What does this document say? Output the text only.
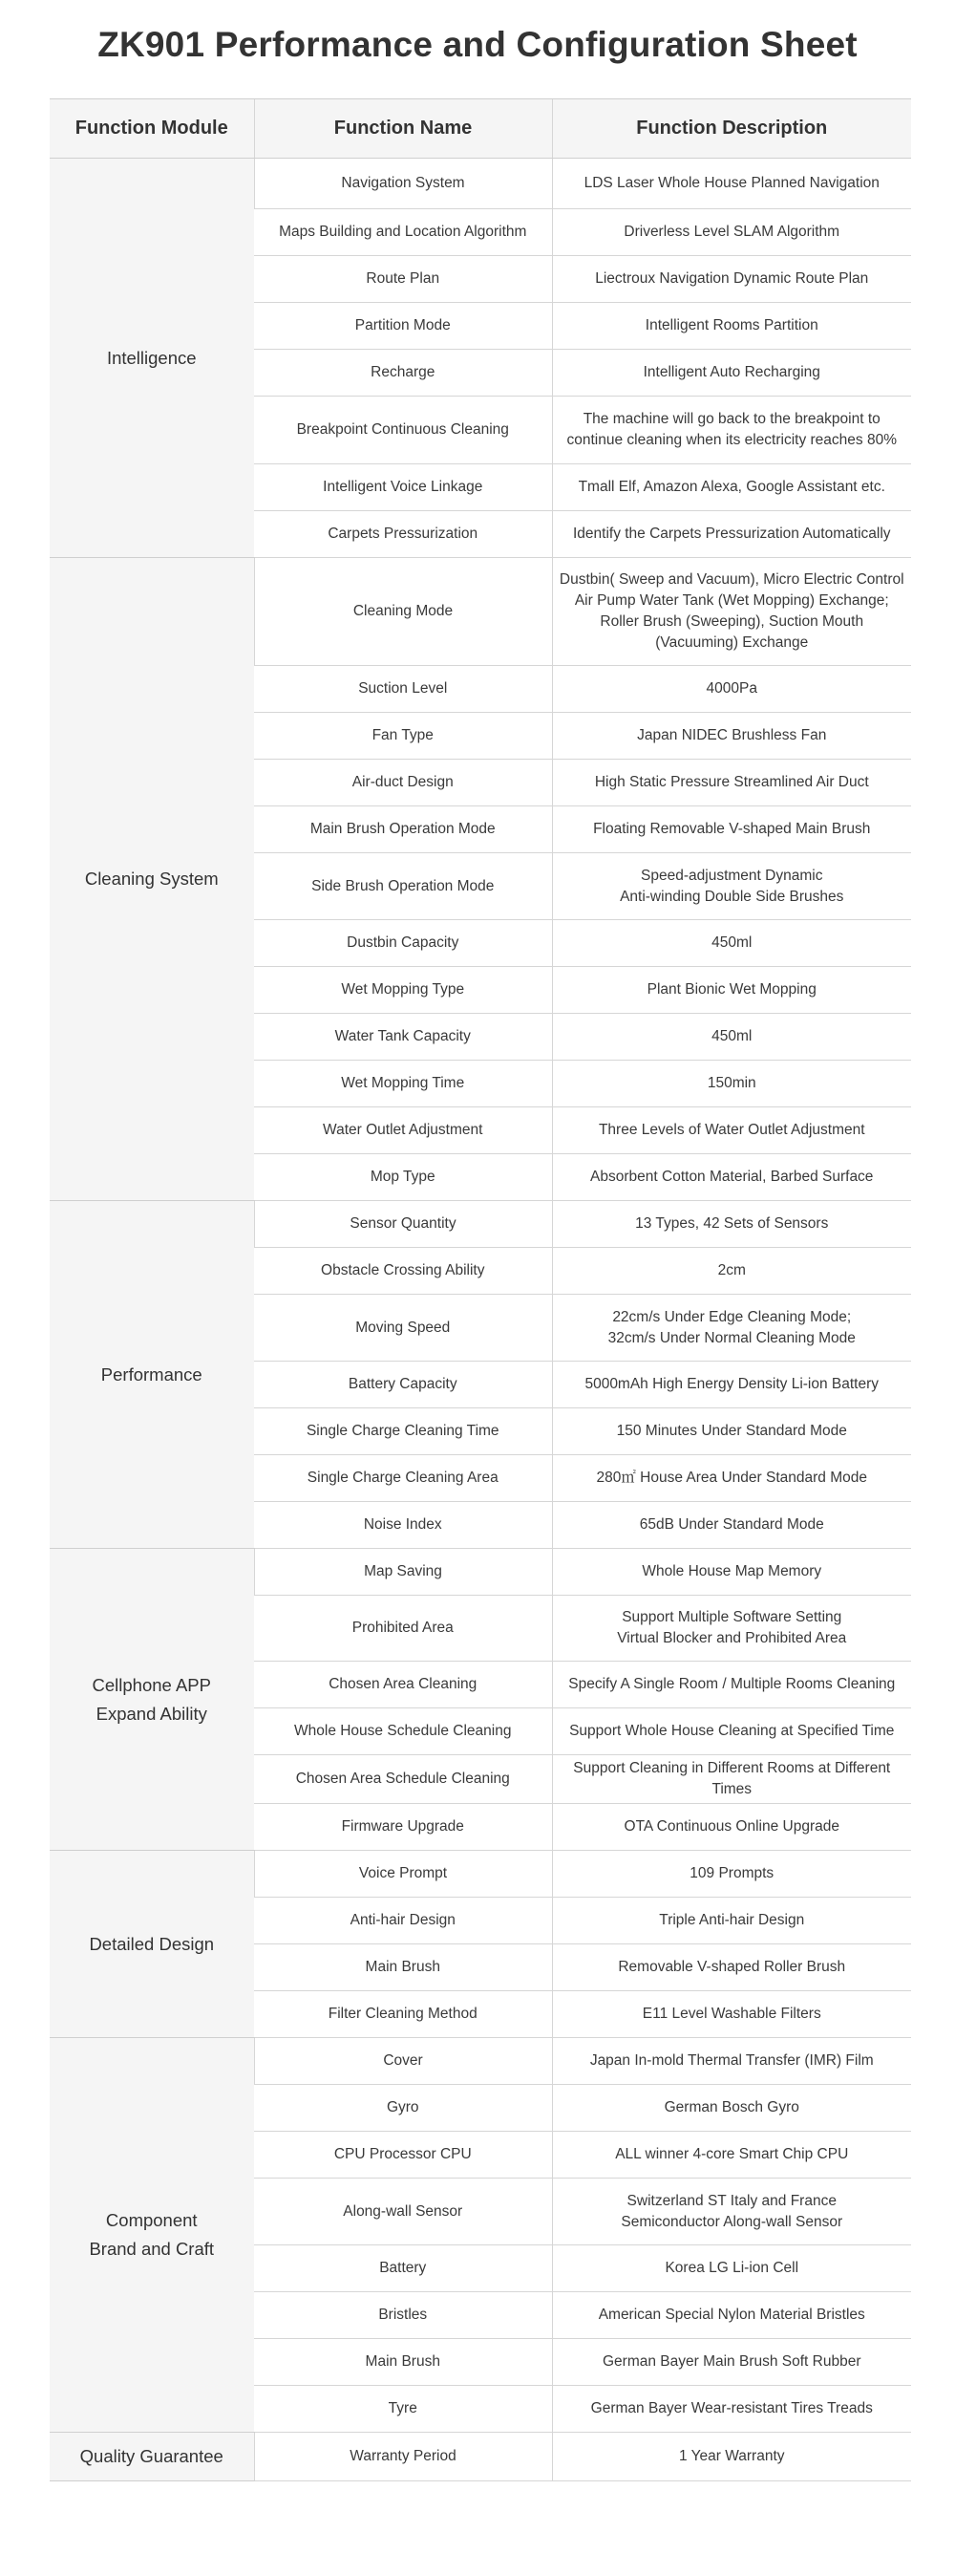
ZK901 Performance and Configuration Sheet
Function Module	Function Name	Function Description
Intelligence	Navigation System	LDS Laser Whole House Planned Navigation
	Maps Building and Location Algorithm	Driverless Level SLAM Algorithm
	Route Plan	Liectroux Navigation Dynamic Route Plan
	Partition Mode	Intelligent Rooms Partition
	Recharge	Intelligent Auto Recharging
	Breakpoint Continuous Cleaning	The machine will go back to the breakpoint to continue cleaning when its electricity reaches 80%
	Intelligent Voice Linkage	Tmall Elf, Amazon Alexa, Google Assistant etc.
	Carpets Pressurization	Identify the Carpets Pressurization Automatically
Cleaning System	Cleaning Mode	Dustbin( Sweep and Vacuum), Micro Electric Control Air Pump Water Tank (Wet Mopping) Exchange; Roller Brush (Sweeping), Suction Mouth (Vacuuming) Exchange
	Suction Level	4000Pa
	Fan Type	Japan NIDEC Brushless Fan
	Air-duct Design	High Static Pressure Streamlined Air Duct
	Main Brush Operation Mode	Floating Removable V-shaped Main Brush
	Side Brush Operation Mode	Speed-adjustment Dynamic
Anti-winding Double Side Brushes
	Dustbin Capacity	450ml
	Wet Mopping Type	Plant Bionic Wet Mopping
	Water Tank Capacity	450ml
	Wet Mopping Time	150min
	Water Outlet Adjustment	Three Levels of Water Outlet Adjustment
	Mop Type	Absorbent Cotton Material, Barbed Surface
Performance	Sensor Quantity	13 Types, 42 Sets of Sensors
	Obstacle Crossing Ability	2cm
	Moving Speed	22cm/s Under Edge Cleaning Mode;
32cm/s Under Normal Cleaning Mode
	Battery Capacity	5000mAh High Energy Density Li-ion Battery
	Single Charge Cleaning Time	150 Minutes Under Standard Mode
	Single Charge Cleaning Area	280㎡ House Area Under Standard Mode
	Noise Index	65dB Under Standard Mode
Cellphone APP
Expand Ability	Map Saving	Whole House Map Memory
	Prohibited Area	Support Multiple Software Setting
Virtual Blocker and Prohibited Area
	Chosen Area Cleaning	Specify A Single Room / Multiple Rooms Cleaning
	Whole House Schedule Cleaning	Support Whole House Cleaning at Specified Time
	Chosen Area Schedule Cleaning	Support Cleaning in Different Rooms at Different Times
	Firmware Upgrade	OTA Continuous Online Upgrade
Detailed Design	Voice Prompt	109 Prompts
	Anti-hair Design	Triple Anti-hair Design
	Main Brush	Removable V-shaped Roller Brush
	Filter Cleaning Method	E11 Level Washable Filters
Component
Brand and Craft	Cover	Japan In-mold Thermal Transfer (IMR) Film
	Gyro	German Bosch Gyro
	CPU Processor CPU	ALL winner 4-core Smart Chip CPU
	Along-wall Sensor	Switzerland ST Italy and France
Semiconductor Along-wall Sensor
	Battery	Korea LG Li-ion Cell
	Bristles	American Special Nylon Material Bristles
	Main Brush	German Bayer Main Brush Soft Rubber
	Tyre	German Bayer Wear-resistant Tires Treads
Quality Guarantee	Warranty Period	1 Year Warranty
